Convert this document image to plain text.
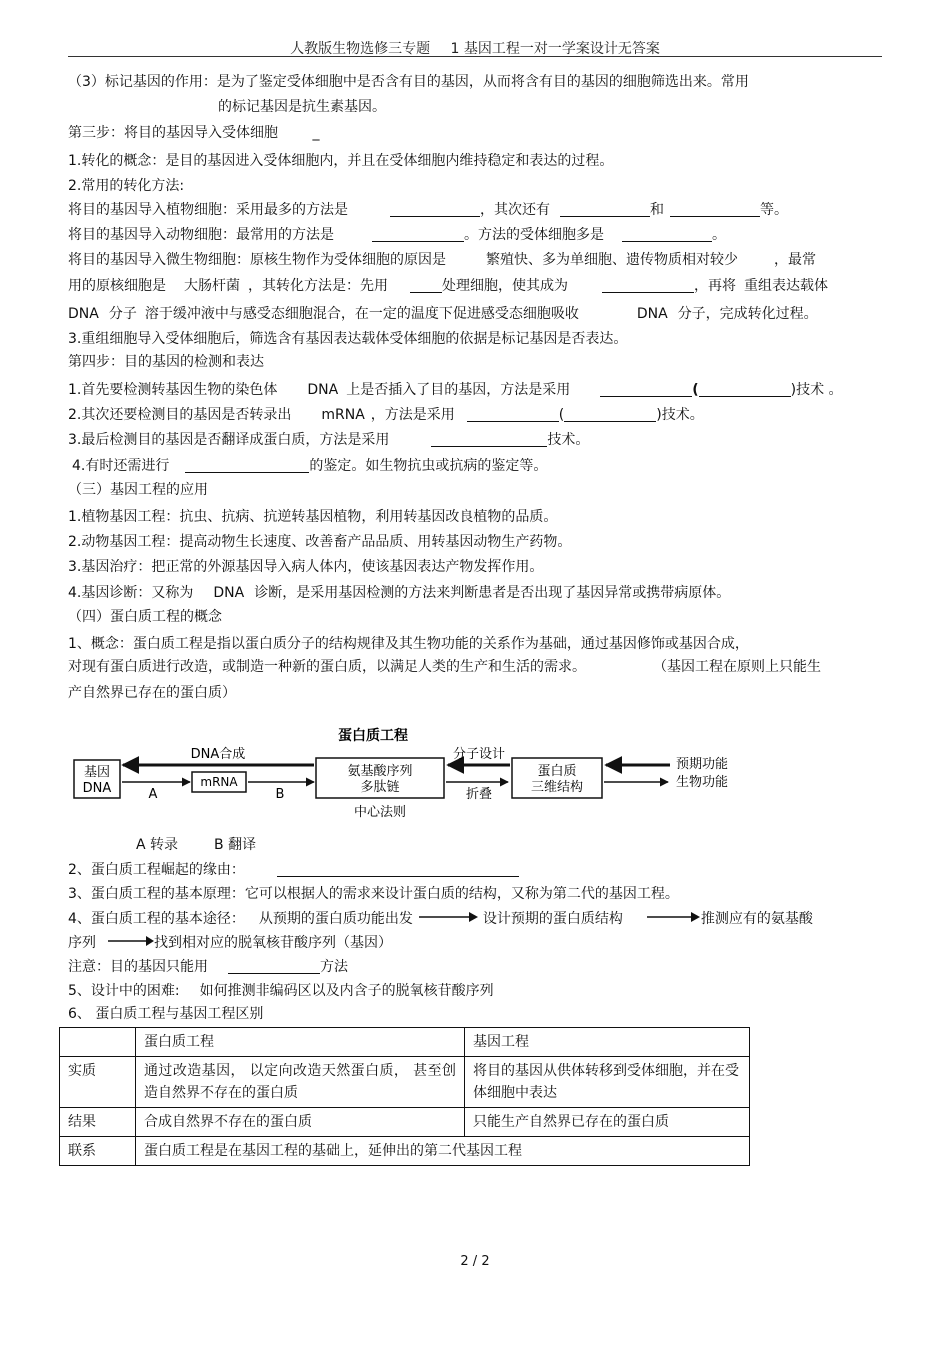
人教版生物选修三专题 1 基因工程一对一学案设计无答案
（3）标记基因的作用：是为了鉴定受体细胞中是否含有目的基因，从而将含有目的基因的细胞筛选出来。常用
的标记基因是抗生素基因。
第三步：将目的基因导入受体细胞 _
1.转化的概念：是目的基因进入受体细胞内，并且在受体细胞内维持稳定和表达的过程。
2.常用的转化方法:
将目的基因导入植物细胞：采用最多的方法是	，其次还有	和	等。
将目的基因导入动物细胞：最常用的方法是	。方法的受体细胞多是	。
将目的基因导入微生物细胞：原核生物作为受体细胞的原因是	繁殖快、多为单细胞、遗传物质相对较少	，最常
用的原核细胞是 大肠杆菌 ，其转化方法是：先用	处理细胞，使其成为	，再将 重组表达载体
DNA 分子 溶于缓冲液中与感受态细胞混合，在一定的温度下促进感受态细胞吸收	DNA 分子，完成转化过程。
3.重组细胞导入受体细胞后，筛选含有基因表达载体受体细胞的依据是标记基因是否表达。
第四步：目的基因的检测和表达
1.首先要检测转基因生物的染色体 DNA 上是否插入了目的基因，方法是采用	(	)技术 。
2.其次还要检测目的基因是否转录出 mRNA ，方法是采用	(	)技术。
3.最后检测目的基因是否翻译成蛋白质，方法是采用	技术。
4.有时还需进行	的鉴定。如生物抗虫或抗病的鉴定等。
（三）基因工程的应用
1.植物基因工程：抗虫、抗病、抗逆转基因植物，利用转基因改良植物的品质。
2.动物基因工程：提高动物生长速度、改善畜产品品质、用转基因动物生产药物。
3.基因治疗：把正常的外源基因导入病人体内，使该基因表达产物发挥作用。
4.基因诊断：又称为 DNA 诊断，是采用基因检测的方法来判断患者是否出现了基因异常或携带病原体。
（四）蛋白质工程的概念
1、概念：蛋白质工程是指以蛋白质分子的结构规律及其生物功能的关系作为基础，通过基因修饰或基因合成，
对现有蛋白质进行改造，或制造一种新的蛋白质，以满足人类的生产和生活的需求。	（基因工程在原则上只能生
产自然界已存在的蛋白质）
蛋白质工程
基因
DNA
DNA合成
A
mRNA
B
氨基酸序列
多肽链
中心法则
分子设计
折叠
蛋白质
三维结构
预期功能
生物功能
A 转录	B 翻译
2、蛋白质工程崛起的缘由：
3、蛋白质工程的基本原理：它可以根据人的需求来设计蛋白质的结构，又称为第二代的基因工程。
4、蛋白质工程的基本途径： 从预期的蛋白质功能出发	设计预期的蛋白质结构	推测应有的氨基酸
序列	找到相对应的脱氧核苷酸序列（基因）
注意：目的基因只能用	方法
5、设计中的困难: 如何推测非编码区以及内含子的脱氧核苷酸序列
6、 蛋白质工程与基因工程区别
	蛋白质工程	基因工程
实质	通过改造基因， 以定向改造天然蛋白质， 甚至创造自然界不存在的蛋白质	将目的基因从供体转移到受体细胞，并在受体细胞中表达
结果	合成自然界不存在的蛋白质	只能生产自然界已存在的蛋白质
联系	蛋白质工程是在基因工程的基础上，延伸出的第二代基因工程	
2 / 2
